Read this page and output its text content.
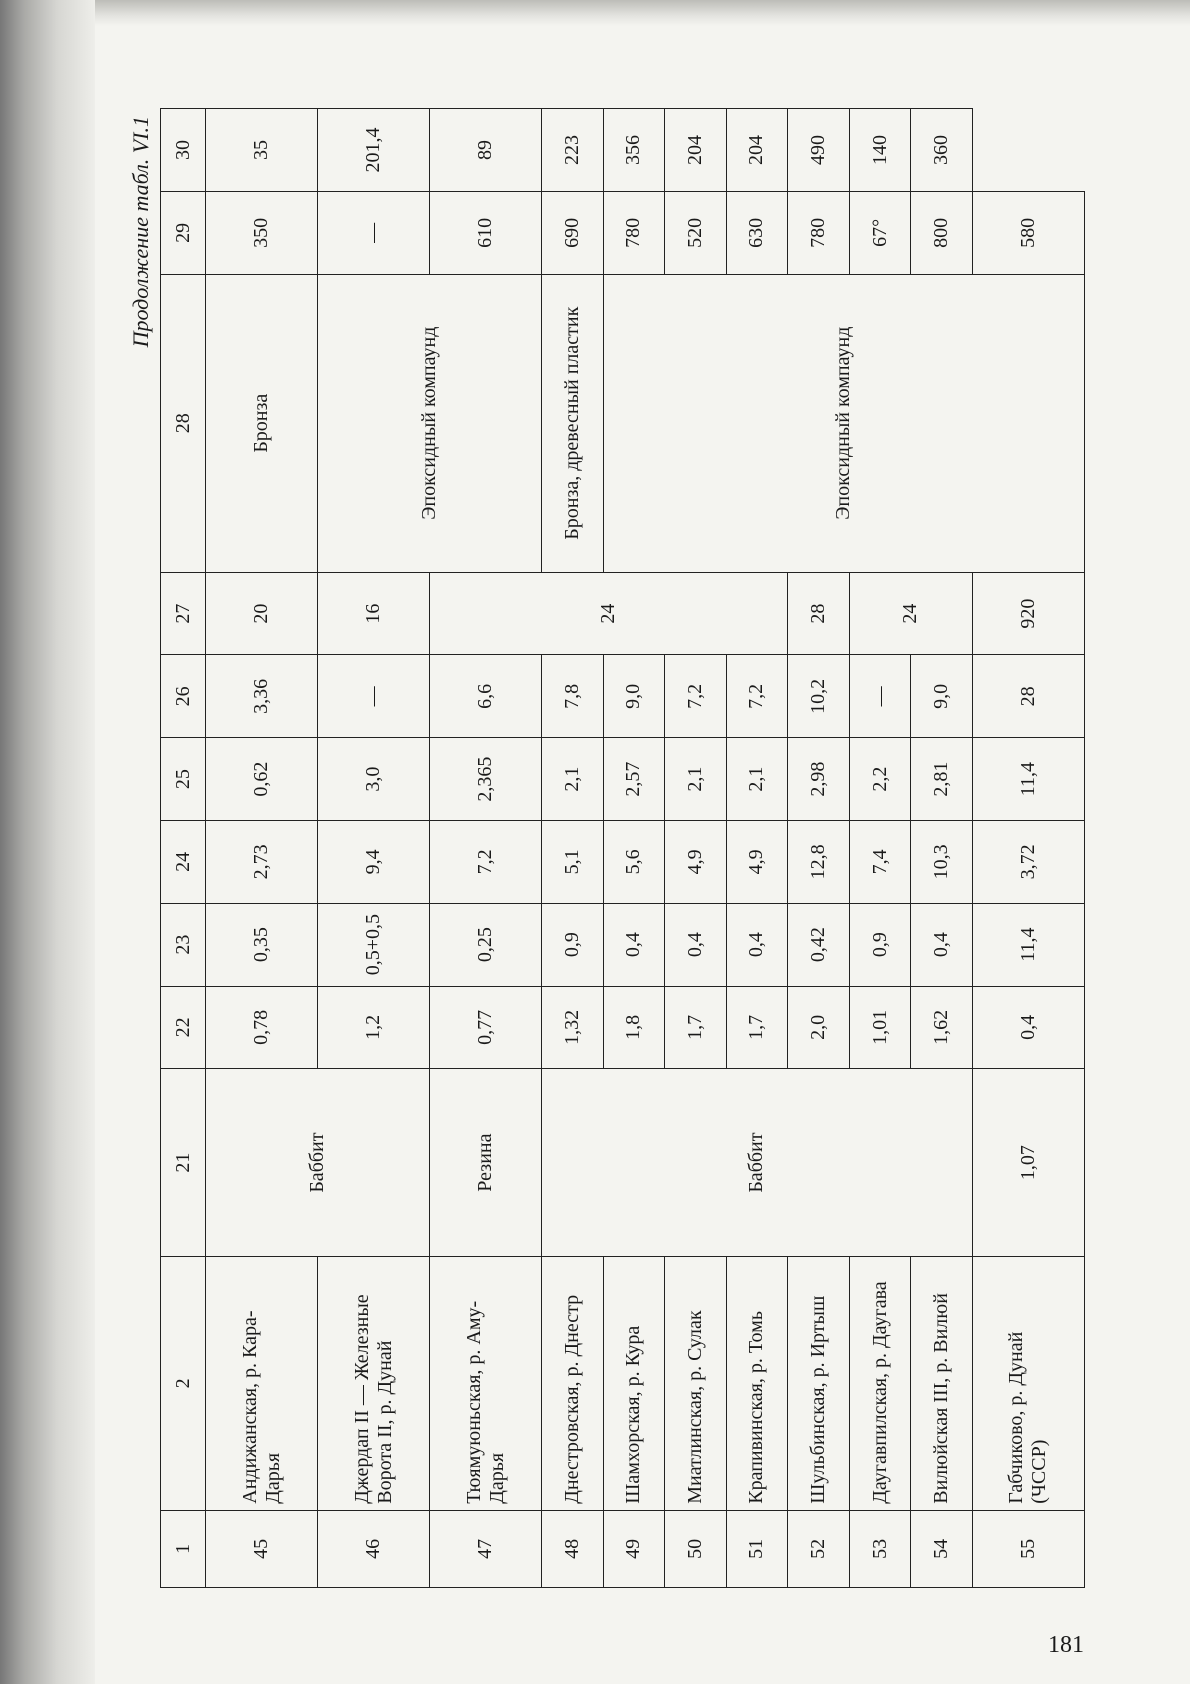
Продолжение табл. VI.1
1	2	21	22	23	24	25	26	27	28	29	30
45	Андижанская, р. Кара-Дарья	Баббит	0,78	0,35	2,73	0,62	3,36	20	Бронза	350	35
46	Джердап II — Железные Ворота II, р. Дунай		1,2	0,5+0,5	9,4	3,0	—	16	Эпоксидный компаунд	—	201,4
47	Тюямуюньская, р. Аму-Дарья	Резина	0,77	0,25	7,2	2,365	6,6	24		610	89
48	Днестровская, р. Днестр	Баббит	1,32	0,9	5,1	2,1	7,8		Бронза, древесный пластик	690	223
49	Шамхорская, р. Кура		1,8	0,4	5,6	2,57	9,0		Эпоксидный компаунд	780	356
50	Миатлинская, р. Сулак		1,7	0,4	4,9	2,1	7,2			520	204
51	Крапивинская, р. Томь		1,7	0,4	4,9	2,1	7,2			630	204
52	Шульбинская, р. Иртыш		2,0	0,42	12,8	2,98	10,2	28		780	490
53	Даугавпилская, р. Даугава		1,01	0,9	7,4	2,2	—	24		67°	140
54	Вилюйская III, р. Вилюй		1,62	0,4	10,3	2,81	9,0			800	360
55	Габчиково, р. Дунай (ЧССР)	1,07	0,4	11,4	3,72	11,4	28	920		580	
181
